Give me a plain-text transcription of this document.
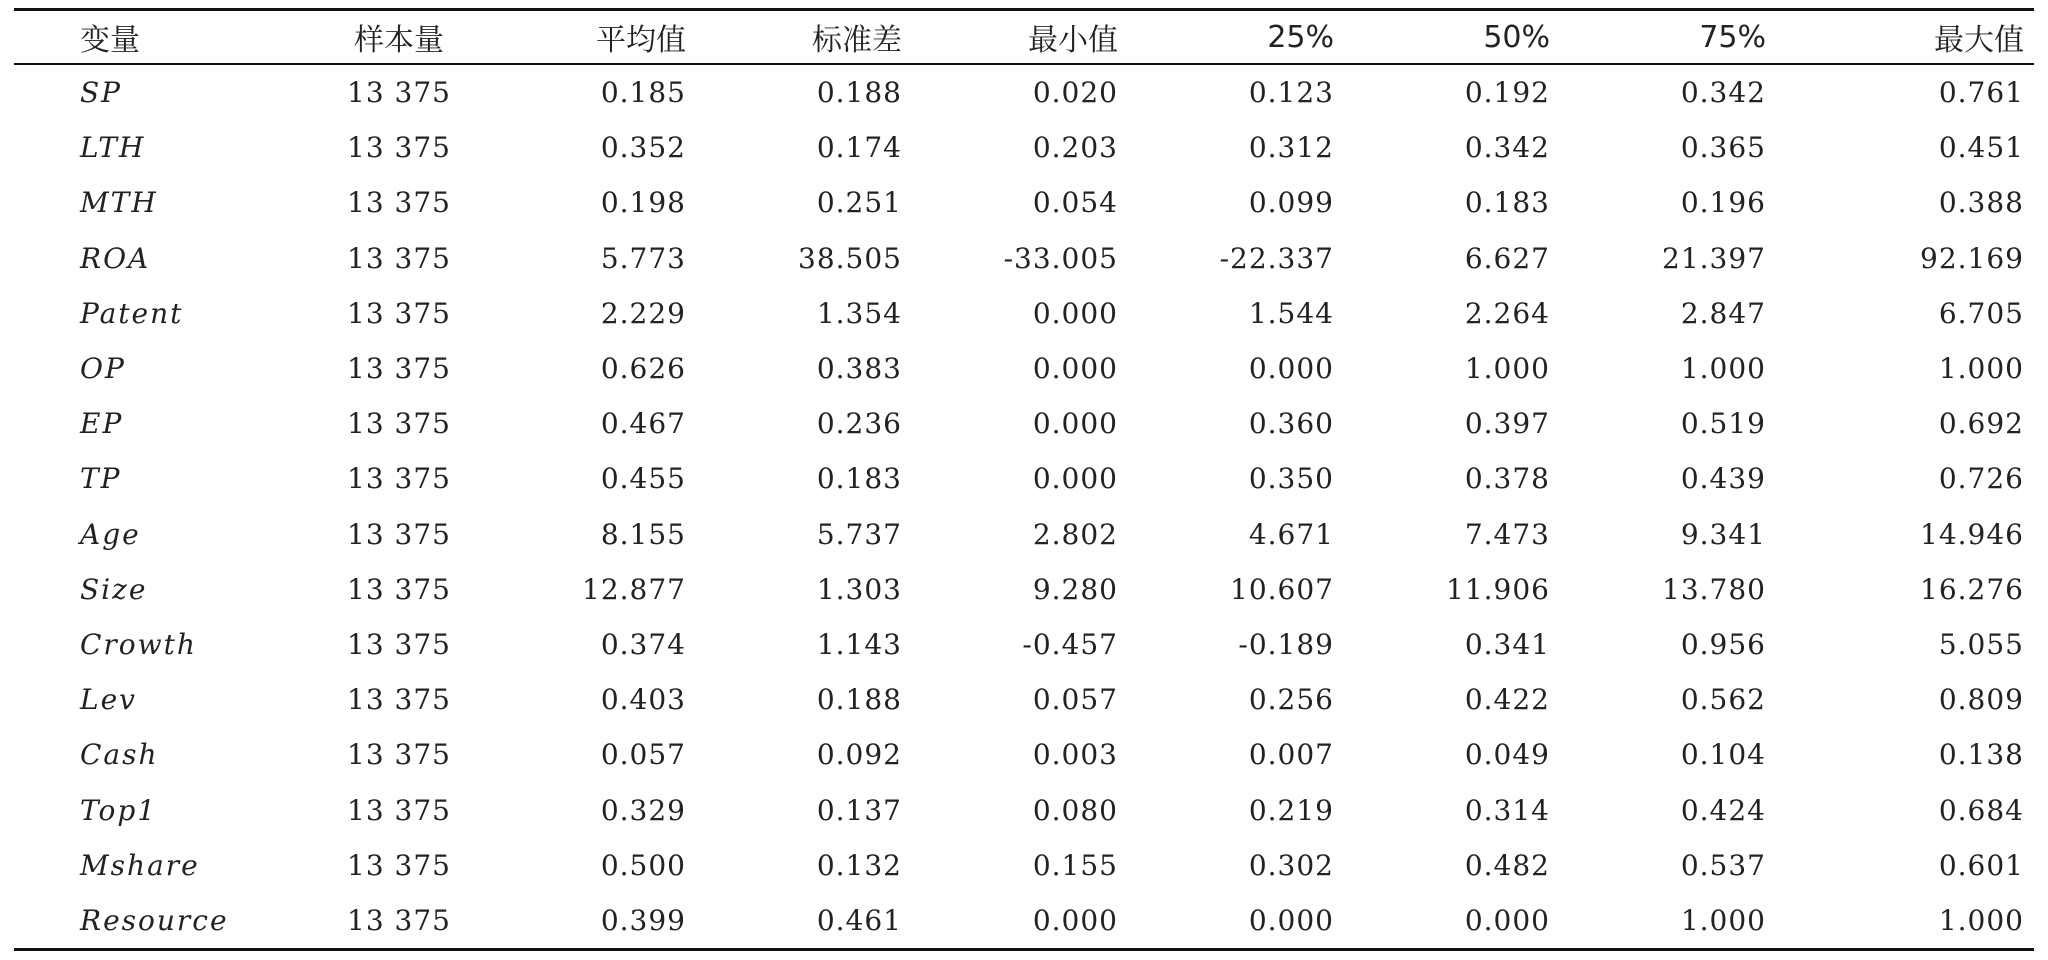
变量	样本量	平均值	标准差	最小值	25%	50%	75%	最大值
SP	13 375	0.185	0.188	0.020	0.123	0.192	0.342	0.761
LTH	13 375	0.352	0.174	0.203	0.312	0.342	0.365	0.451
MTH	13 375	0.198	0.251	0.054	0.099	0.183	0.196	0.388
ROA	13 375	5.773	38.505	-33.005	-22.337	6.627	21.397	92.169
Patent	13 375	2.229	1.354	0.000	1.544	2.264	2.847	6.705
OP	13 375	0.626	0.383	0.000	0.000	1.000	1.000	1.000
EP	13 375	0.467	0.236	0.000	0.360	0.397	0.519	0.692
TP	13 375	0.455	0.183	0.000	0.350	0.378	0.439	0.726
Age	13 375	8.155	5.737	2.802	4.671	7.473	9.341	14.946
Size	13 375	12.877	1.303	9.280	10.607	11.906	13.780	16.276
Crowth	13 375	0.374	1.143	-0.457	-0.189	0.341	0.956	5.055
Lev	13 375	0.403	0.188	0.057	0.256	0.422	0.562	0.809
Cash	13 375	0.057	0.092	0.003	0.007	0.049	0.104	0.138
Top1	13 375	0.329	0.137	0.080	0.219	0.314	0.424	0.684
Mshare	13 375	0.500	0.132	0.155	0.302	0.482	0.537	0.601
Resource	13 375	0.399	0.461	0.000	0.000	0.000	1.000	1.000
